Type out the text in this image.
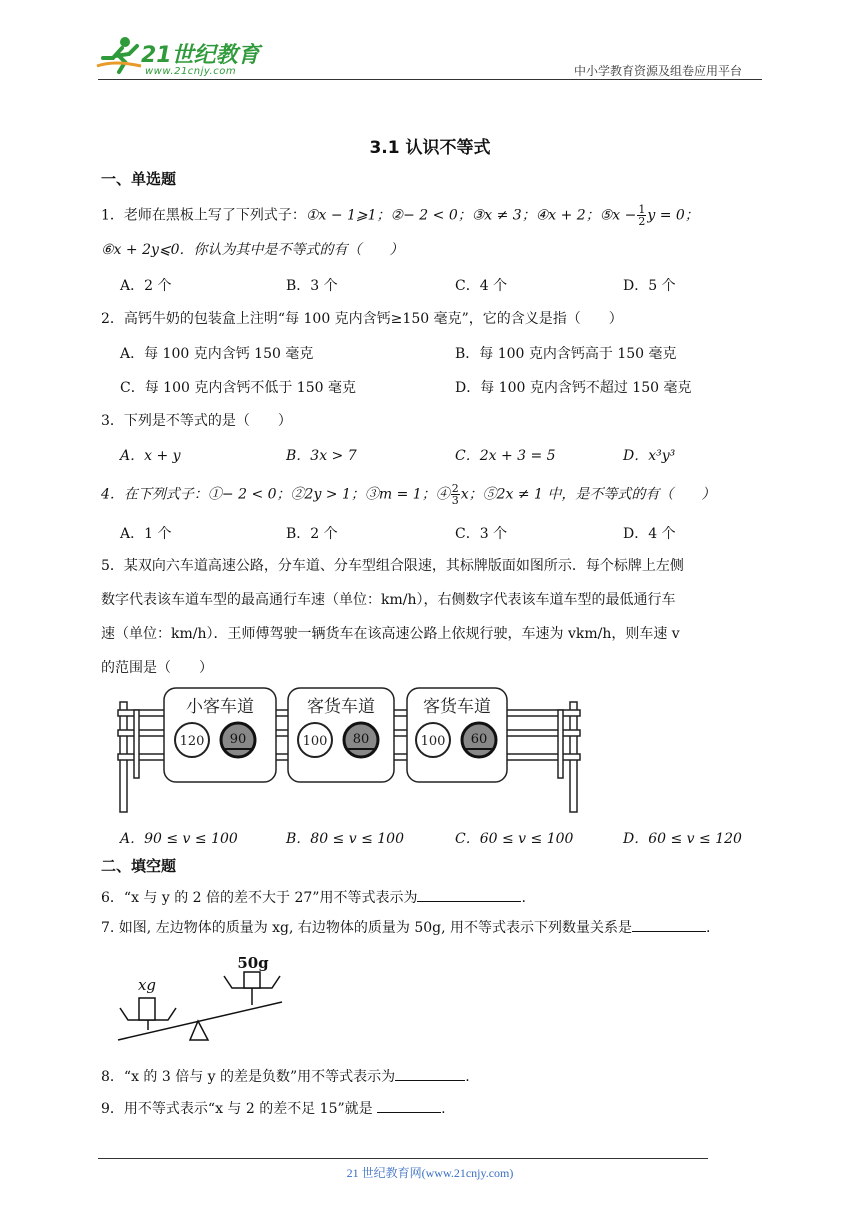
21世纪教育
www.21cnjy.com	中小学教育资源及组卷应用平台
3.1 认识不等式
一、单选题
1．老师在黑板上写了下列式子：①x − 1⩾1；②− 2 < 0；③x ≠ 3；④x + 2；⑤x − $\frac{1}{2}$ y = 0；
⑥x + 2y⩽0．你认为其中是不等式的有（　　）
A．2 个	B．3 个	C．4 个	D．5 个
2．高钙牛奶的包装盒上注明“每 100 克内含钙≥150 毫克”，它的含义是指（　　）
A．每 100 克内含钙 150 毫克	B．每 100 克内含钙高于 150 毫克
C．每 100 克内含钙不低于 150 毫克	D．每 100 克内含钙不超过 150 毫克
3．下列是不等式的是（　　）
A．x + y	B．3x > 7	C．2x + 3 = 5	D．x³y³
4．在下列式子：①− 2 < 0；②2y > 1；③m = 1；④ $\frac{2}{3}$ x；⑤2x ≠ 1 中，是不等式的有（　　）
A．1 个	B．2 个	C．3 个	D．4 个
5．某双向六车道高速公路，分车道、分车型组合限速，其标牌版面如图所示．每个标牌上左侧
数字代表该车道车型的最高通行车速（单位：km/h），右侧数字代表该车道车型的最低通行车
速（单位：km/h）．王师傅驾驶一辆货车在该高速公路上依规行驶，车速为 vkm/h，则车速 v
的范围是（　　）
小客车道
120 90
客货车道
100 80
客货车道
100 60
A．90 ≤ v ≤ 100	B．80 ≤ v ≤ 100	C．60 ≤ v ≤ 100	D．60 ≤ v ≤ 120
二、填空题
6．“x 与 y 的 2 倍的差不大于 27”用不等式表示为	.
7. 如图, 左边物体的质量为 xg, 右边物体的质量为 50g, 用不等式表示下列数量关系是	.
xg
50g
8．“x 的 3 倍与 y 的差是负数”用不等式表示为	.
9．用不等式表示“x 与 2 的差不足 15”就是	.
21 世纪教育网(www.21cnjy.com)
